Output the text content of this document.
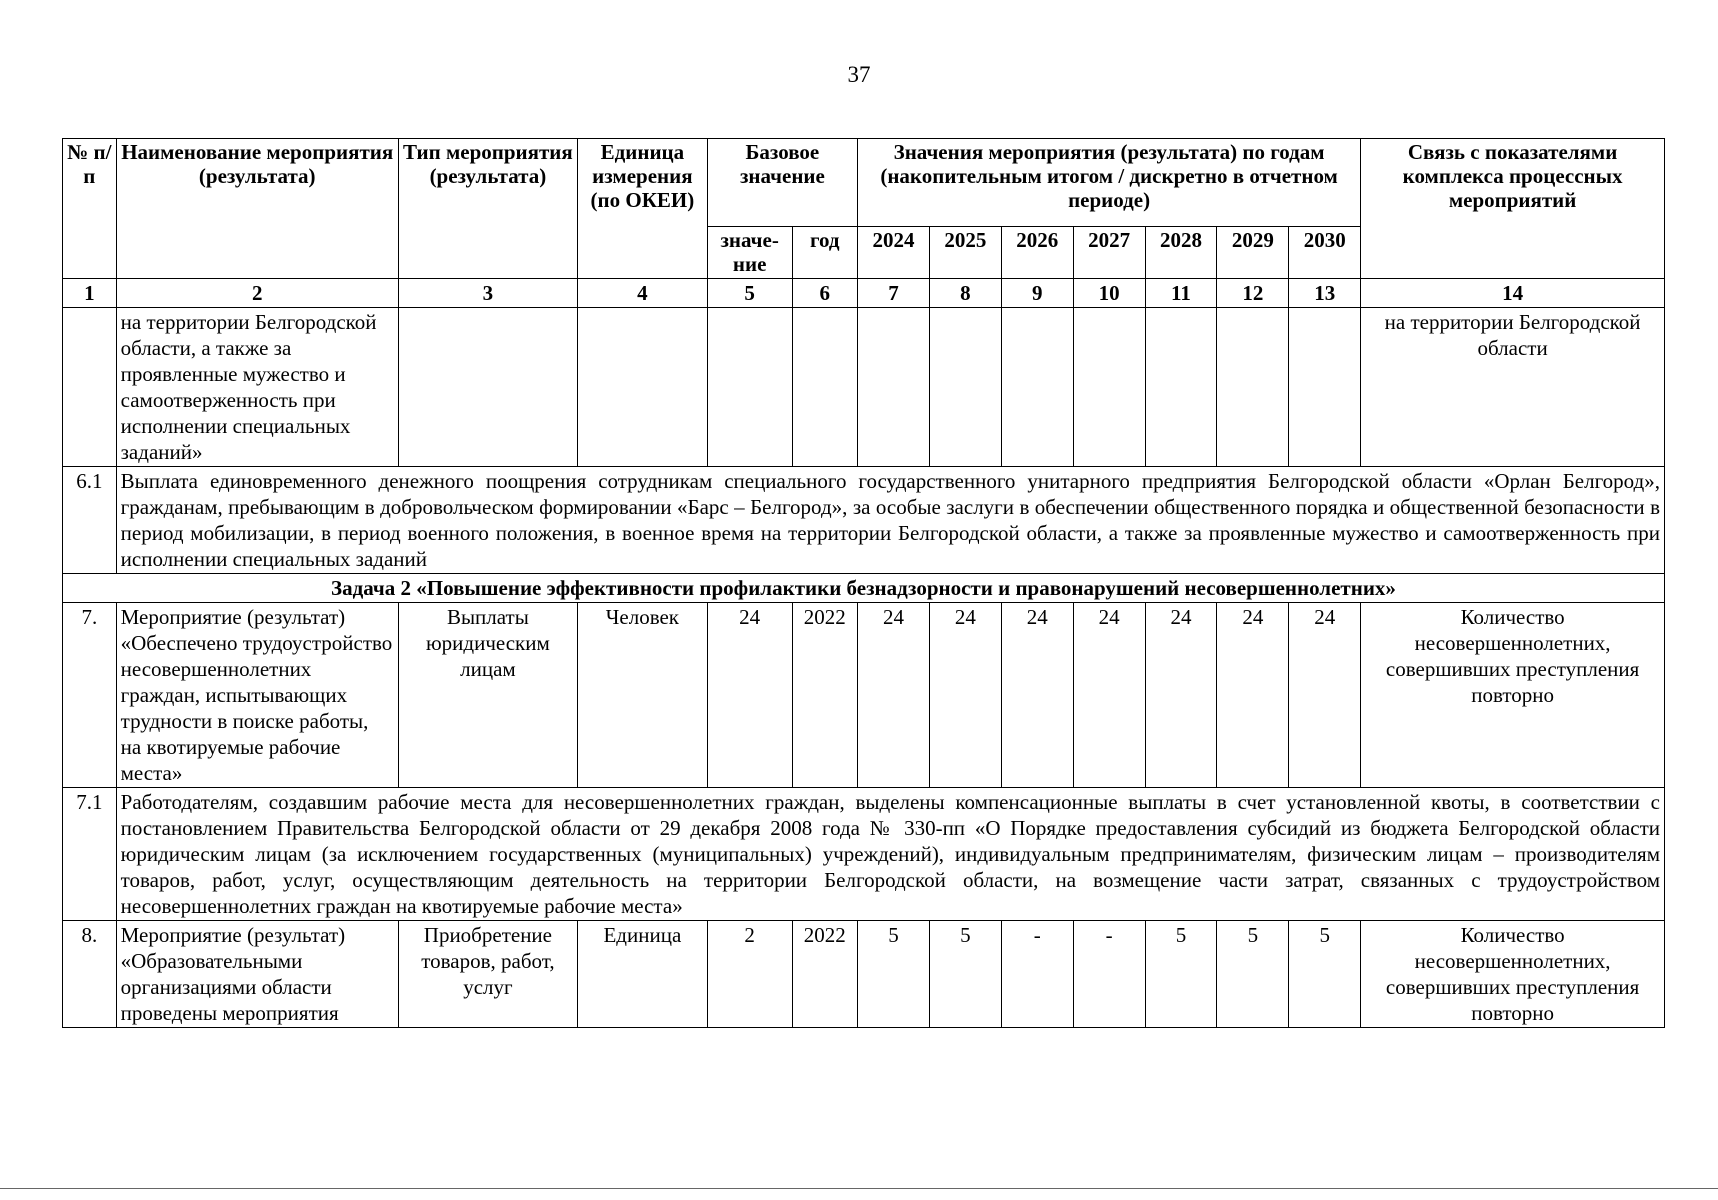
37
№ п/п	Наименование мероприятия (результата)	Тип мероприятия (результата)	Единица измерения (по ОКЕИ)	Базовое значение		Значения мероприятия (результата) по годам (накопительным итогом / дискретно в отчетном периоде)							Связь с показателями комплекса процессных мероприятий
				значе-ние	год	2024	2025	2026	2027	2028	2029	2030	
1	2	3	4	5	6	7	8	9	10	11	12	13	14
	на территории Белгородской области, а также за проявленные мужество и самоотверженность при исполнении специальных заданий»												на территории Белгородской области
6.1	Выплата единовременного денежного поощрения сотрудникам специального государственного унитарного предприятия Белгородской области «Орлан Белгород», гражданам, пребывающим в добровольческом формировании «Барс – Белгород», за особые заслуги в обеспечении общественного порядка и общественной безопасности в период мобилизации, в период военного положения, в военное время на территории Белгородской области, а также за проявленные мужество и самоотверженность при исполнении специальных заданий												
Задача 2 «Повышение эффективности профилактики безнадзорности и правонарушений несовершеннолетних»													
7.	Мероприятие (результат) «Обеспечено трудоустройство несовершеннолетних граждан, испытывающих трудности в поиске работы, на квотируемые рабочие места»	Выплаты юридическим лицам	Человек	24	2022	24	24	24	24	24	24	24	Количество несовершеннолетних, совершивших преступления повторно
7.1	Работодателям, создавшим рабочие места для несовершеннолетних граждан, выделены компенсационные выплаты в счет установленной квоты, в соответствии с постановлением Правительства Белгородской области от 29 декабря 2008 года № 330-пп «О Порядке предоставления субсидий из бюджета Белгородской области юридическим лицам (за исключением государственных (муниципальных) учреждений), индивидуальным предпринимателям, физическим лицам – производителям товаров, работ, услуг, осуществляющим деятельность на территории Белгородской области, на возмещение части затрат, связанных с трудоустройством несовершеннолетних граждан на квотируемые рабочие места»												
8.	Мероприятие (результат) «Образовательными организациями области проведены мероприятия	Приобретение товаров, работ, услуг	Единица	2	2022	5	5	-	-	5	5	5	Количество несовершеннолетних, совершивших преступления повторно
